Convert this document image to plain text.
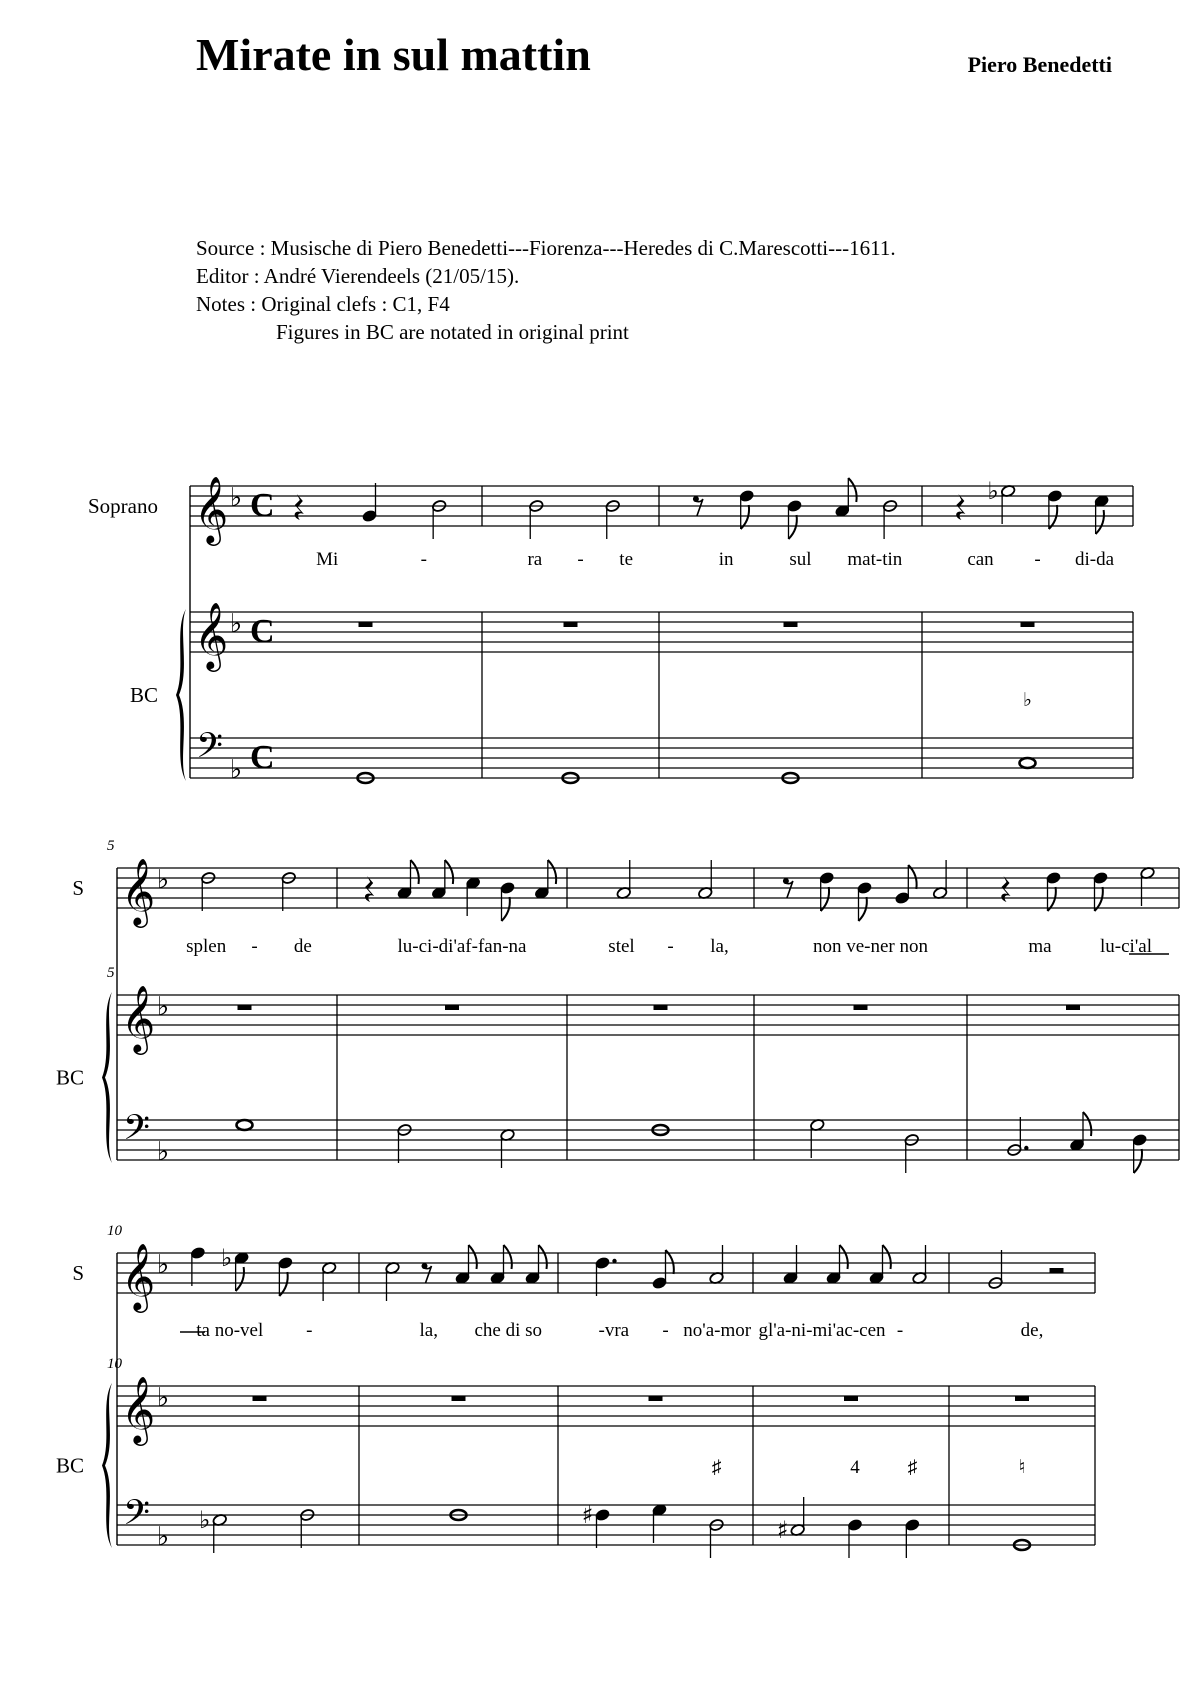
Mirate in sul mattin	Piero Benedetti
Source : Musische di Piero Benedetti---Fiorenza---Heredes di C.Marescotti---1611.
Editor : André Vierendeels (21/05/15).
Notes : Original clefs : C1, F4
Figures in BC are notated in original print
Soprano
BC
𝄞
𝄞
𝄢
♭
♭
♭
C
C
C
Mi	-	ra - te	in	sul mat-tin
♭
♭
can - di-da
S
BC
𝄞
𝄞
𝄢
♭
♭
♭
5
5
splen - de	lu-ci-di'af-fan-na	stel - la,	non ve-ner non	ma	lu-ci'al
S
BC
𝄞
𝄞
𝄢
♭
♭
♭
10
10
♭
♭
ta no-vel -	la, che di so
♯
♯
-vra - no'a-mor
♯
4	♯
gl'a-ni-mi'ac-cen -
♮
de,
